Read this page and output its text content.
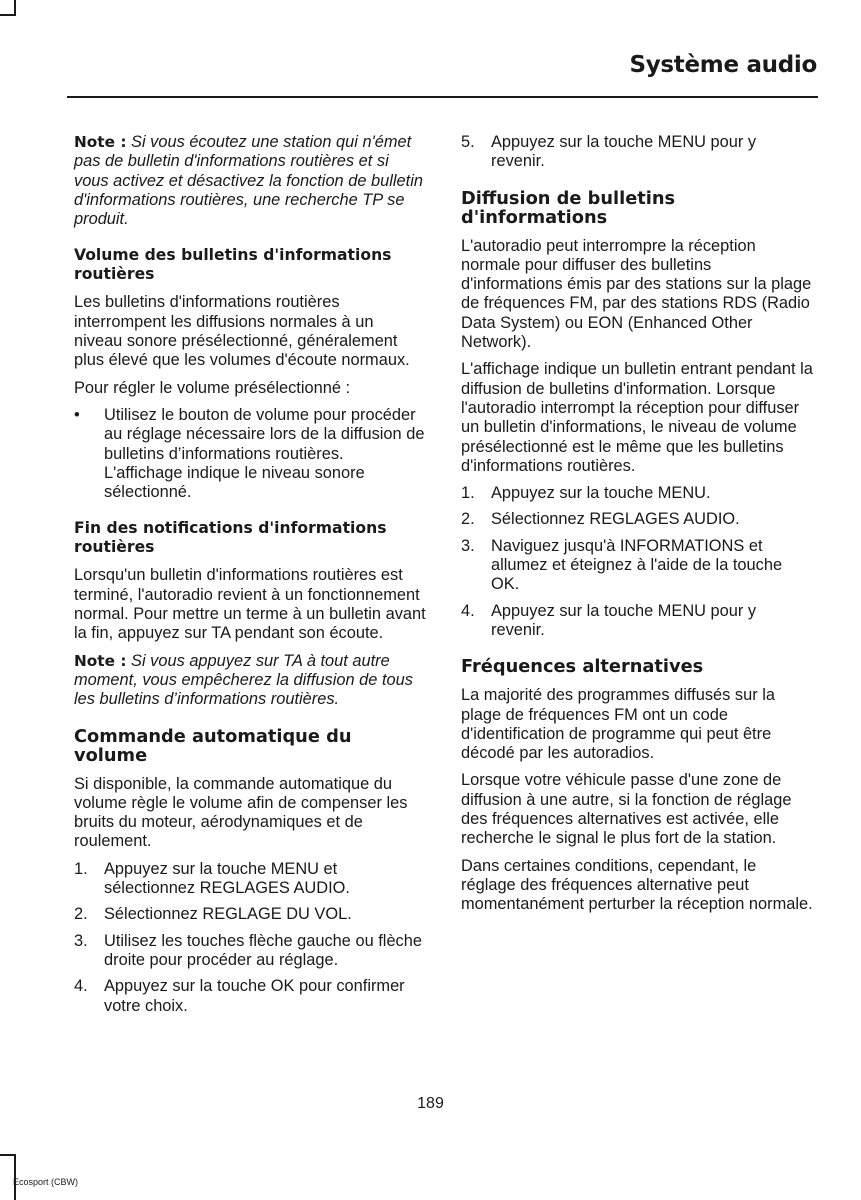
Système audio

Note : Si vous écoutez une station qui n'émet pas de bulletin d'informations routières et si vous activez et désactivez la fonction de bulletin d'informations routières, une recherche TP se produit.

Volume des bulletins d'informations routières

Les bulletins d'informations routières interrompent les diffusions normales à un niveau sonore présélectionné, généralement plus élevé que les volumes d'écoute normaux.

Pour régler le volume présélectionné :

•	Utilisez le bouton de volume pour procéder au réglage nécessaire lors de la diffusion de bulletins d’informations routières. L'affichage indique le niveau sonore sélectionné.
Fin des notifications d'informations routières

Lorsqu'un bulletin d'informations routières est terminé, l'autoradio revient à un fonctionnement normal. Pour mettre un terme à un bulletin avant la fin, appuyez sur TA pendant son écoute.

Note : Si vous appuyez sur TA à tout autre moment, vous empêcherez la diffusion de tous les bulletins d’informations routières.

Commande automatique du volume

Si disponible, la commande automatique du volume règle le volume afin de compenser les bruits du moteur, aérodynamiques et de roulement.

1. Appuyez sur la touche MENU et sélectionnez REGLAGES AUDIO.
2. Sélectionnez REGLAGE DU VOL.
3. Utilisez les touches flèche gauche ou flèche droite pour procéder au réglage.
4. Appuyez sur la touche OK pour confirmer votre choix.
5. Appuyez sur la touche MENU pour y revenir.
Diffusion de bulletins d'informations

L'autoradio peut interrompre la réception normale pour diffuser des bulletins d'informations émis par des stations sur la plage de fréquences FM, par des stations RDS (Radio Data System) ou EON (Enhanced Other Network).

L'affichage indique un bulletin entrant pendant la diffusion de bulletins d'information. Lorsque l'autoradio interrompt la réception pour diffuser un bulletin d'informations, le niveau de volume présélectionné est le même que les bulletins d'informations routières.

1. Appuyez sur la touche MENU.
2. Sélectionnez REGLAGES AUDIO.
3. Naviguez jusqu'à INFORMATIONS et allumez et éteignez à l'aide de la touche OK.
4. Appuyez sur la touche MENU pour y revenir.
Fréquences alternatives

La majorité des programmes diffusés sur la plage de fréquences FM ont un code d'identification de programme qui peut être décodé par les autoradios.

Lorsque votre véhicule passe d'une zone de diffusion à une autre, si la fonction de réglage des fréquences alternatives est activée, elle recherche le signal le plus fort de la station.

Dans certaines conditions, cependant, le réglage des fréquences alternative peut momentanément perturber la réception normale.

189
Ecosport (CBW)
